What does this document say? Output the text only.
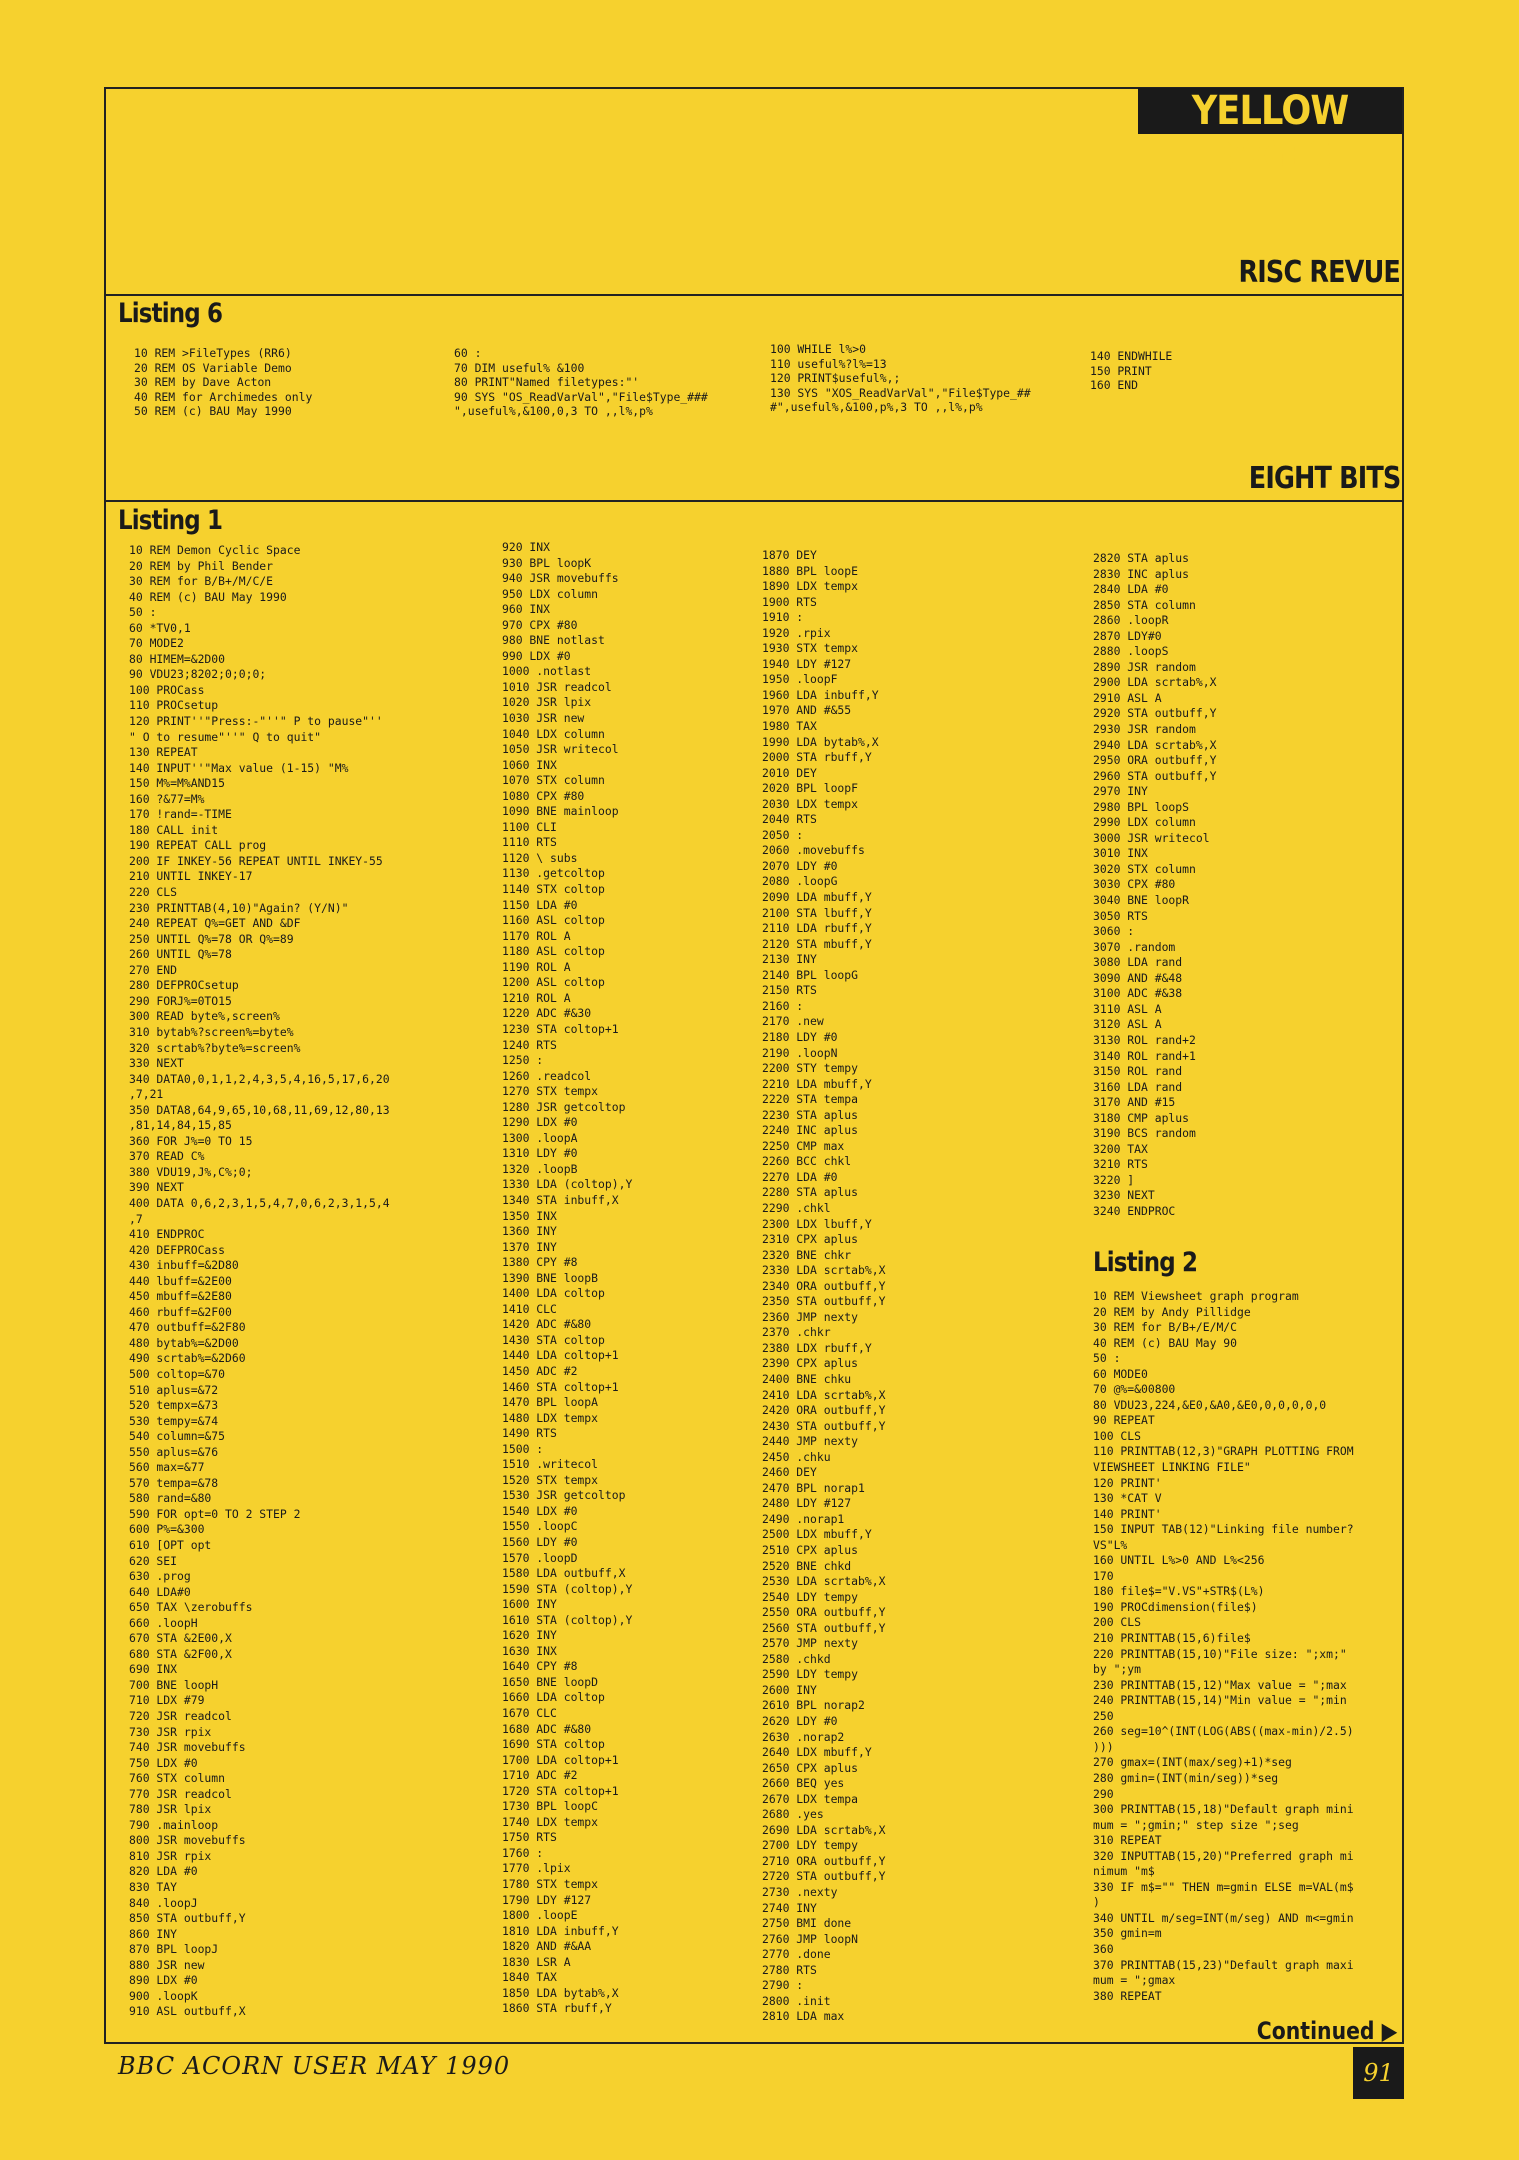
YELLOW PAGES
RISC REVUE
EIGHT BITS
Listing 6
10 REM >FileTypes (RR6)
20 REM OS Variable Demo
30 REM by Dave Acton
40 REM for Archimedes only
50 REM (c) BAU May 1990
60 :
70 DIM useful% &100
80 PRINT"Named filetypes:"'
90 SYS "OS_ReadVarVal","File$Type_###
",useful%,&100,0,3 TO ,,l%,p%
100 WHILE l%>0
110 useful%?l%=13
120 PRINT$useful%,;
130 SYS "XOS_ReadVarVal","File$Type_##
#",useful%,&100,p%,3 TO ,,l%,p%
140 ENDWHILE
150 PRINT
160 END
Listing 1
10 REM Demon Cyclic Space
20 REM by Phil Bender
30 REM for B/B+/M/C/E
40 REM (c) BAU May 1990
50 :
60 *TV0,1
70 MODE2
80 HIMEM=&2D00
90 VDU23;8202;0;0;0;
100 PROCass
110 PROCsetup
120 PRINT''"Press:-"''" P to pause"''
" O to resume"''" Q to quit"
130 REPEAT
140 INPUT''"Max value (1-15) "M%
150 M%=M%AND15
160 ?&77=M%
170 !rand=-TIME
180 CALL init
190 REPEAT CALL prog
200 IF INKEY-56 REPEAT UNTIL INKEY-55
210 UNTIL INKEY-17
220 CLS
230 PRINTTAB(4,10)"Again? (Y/N)"
240 REPEAT Q%=GET AND &DF
250 UNTIL Q%=78 OR Q%=89
260 UNTIL Q%=78
270 END
280 DEFPROCsetup
290 FORJ%=0TO15
300 READ byte%,screen%
310 bytab%?screen%=byte%
320 scrtab%?byte%=screen%
330 NEXT
340 DATA0,0,1,1,2,4,3,5,4,16,5,17,6,20
,7,21
350 DATA8,64,9,65,10,68,11,69,12,80,13
,81,14,84,15,85
360 FOR J%=0 TO 15
370 READ C%
380 VDU19,J%,C%;0;
390 NEXT
400 DATA 0,6,2,3,1,5,4,7,0,6,2,3,1,5,4
,7
410 ENDPROC
420 DEFPROCass
430 inbuff=&2D80
440 lbuff=&2E00
450 mbuff=&2E80
460 rbuff=&2F00
470 outbuff=&2F80
480 bytab%=&2D00
490 scrtab%=&2D60
500 coltop=&70
510 aplus=&72
520 tempx=&73
530 tempy=&74
540 column=&75
550 aplus=&76
560 max=&77
570 tempa=&78
580 rand=&80
590 FOR opt=0 TO 2 STEP 2
600 P%=&300
610 [OPT opt
620 SEI
630 .prog
640 LDA#0
650 TAX \zerobuffs
660 .loopH
670 STA &2E00,X
680 STA &2F00,X
690 INX
700 BNE loopH
710 LDX #79
720 JSR readcol
730 JSR rpix
740 JSR movebuffs
750 LDX #0
760 STX column
770 JSR readcol
780 JSR lpix
790 .mainloop
800 JSR movebuffs
810 JSR rpix
820 LDA #0
830 TAY
840 .loopJ
850 STA outbuff,Y
860 INY
870 BPL loopJ
880 JSR new
890 LDX #0
900 .loopK
910 ASL outbuff,X
920 INX
930 BPL loopK
940 JSR movebuffs
950 LDX column
960 INX
970 CPX #80
980 BNE notlast
990 LDX #0
1000 .notlast
1010 JSR readcol
1020 JSR lpix
1030 JSR new
1040 LDX column
1050 JSR writecol
1060 INX
1070 STX column
1080 CPX #80
1090 BNE mainloop
1100 CLI
1110 RTS
1120 \ subs
1130 .getcoltop
1140 STX coltop
1150 LDA #0
1160 ASL coltop
1170 ROL A
1180 ASL coltop
1190 ROL A
1200 ASL coltop
1210 ROL A
1220 ADC #&30
1230 STA coltop+1
1240 RTS
1250 :
1260 .readcol
1270 STX tempx
1280 JSR getcoltop
1290 LDX #0
1300 .loopA
1310 LDY #0
1320 .loopB
1330 LDA (coltop),Y
1340 STA inbuff,X
1350 INX
1360 INY
1370 INY
1380 CPY #8
1390 BNE loopB
1400 LDA coltop
1410 CLC
1420 ADC #&80
1430 STA coltop
1440 LDA coltop+1
1450 ADC #2
1460 STA coltop+1
1470 BPL loopA
1480 LDX tempx
1490 RTS
1500 :
1510 .writecol
1520 STX tempx
1530 JSR getcoltop
1540 LDX #0
1550 .loopC
1560 LDY #0
1570 .loopD
1580 LDA outbuff,X
1590 STA (coltop),Y
1600 INY
1610 STA (coltop),Y
1620 INY
1630 INX
1640 CPY #8
1650 BNE loopD
1660 LDA coltop
1670 CLC
1680 ADC #&80
1690 STA coltop
1700 LDA coltop+1
1710 ADC #2
1720 STA coltop+1
1730 BPL loopC
1740 LDX tempx
1750 RTS
1760 :
1770 .lpix
1780 STX tempx
1790 LDY #127
1800 .loopE
1810 LDA inbuff,Y
1820 AND #&AA
1830 LSR A
1840 TAX
1850 LDA bytab%,X
1860 STA rbuff,Y
1870 DEY
1880 BPL loopE
1890 LDX tempx
1900 RTS
1910 :
1920 .rpix
1930 STX tempx
1940 LDY #127
1950 .loopF
1960 LDA inbuff,Y
1970 AND #&55
1980 TAX
1990 LDA bytab%,X
2000 STA rbuff,Y
2010 DEY
2020 BPL loopF
2030 LDX tempx
2040 RTS
2050 :
2060 .movebuffs
2070 LDY #0
2080 .loopG
2090 LDA mbuff,Y
2100 STA lbuff,Y
2110 LDA rbuff,Y
2120 STA mbuff,Y
2130 INY
2140 BPL loopG
2150 RTS
2160 :
2170 .new
2180 LDY #0
2190 .loopN
2200 STY tempy
2210 LDA mbuff,Y
2220 STA tempa
2230 STA aplus
2240 INC aplus
2250 CMP max
2260 BCC chkl
2270 LDA #0
2280 STA aplus
2290 .chkl
2300 LDX lbuff,Y
2310 CPX aplus
2320 BNE chkr
2330 LDA scrtab%,X
2340 ORA outbuff,Y
2350 STA outbuff,Y
2360 JMP nexty
2370 .chkr
2380 LDX rbuff,Y
2390 CPX aplus
2400 BNE chku
2410 LDA scrtab%,X
2420 ORA outbuff,Y
2430 STA outbuff,Y
2440 JMP nexty
2450 .chku
2460 DEY
2470 BPL norap1
2480 LDY #127
2490 .norap1
2500 LDX mbuff,Y
2510 CPX aplus
2520 BNE chkd
2530 LDA scrtab%,X
2540 LDY tempy
2550 ORA outbuff,Y
2560 STA outbuff,Y
2570 JMP nexty
2580 .chkd
2590 LDY tempy
2600 INY
2610 BPL norap2
2620 LDY #0
2630 .norap2
2640 LDX mbuff,Y
2650 CPX aplus
2660 BEQ yes
2670 LDX tempa
2680 .yes
2690 LDA scrtab%,X
2700 LDY tempy
2710 ORA outbuff,Y
2720 STA outbuff,Y
2730 .nexty
2740 INY
2750 BMI done
2760 JMP loopN
2770 .done
2780 RTS
2790 :
2800 .init
2810 LDA max
2820 STA aplus
2830 INC aplus
2840 LDA #0
2850 STA column
2860 .loopR
2870 LDY#0
2880 .loopS
2890 JSR random
2900 LDA scrtab%,X
2910 ASL A
2920 STA outbuff,Y
2930 JSR random
2940 LDA scrtab%,X
2950 ORA outbuff,Y
2960 STA outbuff,Y
2970 INY
2980 BPL loopS
2990 LDX column
3000 JSR writecol
3010 INX
3020 STX column
3030 CPX #80
3040 BNE loopR
3050 RTS
3060 :
3070 .random
3080 LDA rand
3090 AND #&48
3100 ADC #&38
3110 ASL A
3120 ASL A
3130 ROL rand+2
3140 ROL rand+1
3150 ROL rand
3160 LDA rand
3170 AND #15
3180 CMP aplus
3190 BCS random
3200 TAX
3210 RTS
3220 ]
3230 NEXT
3240 ENDPROC
Listing 2
10 REM Viewsheet graph program
20 REM by Andy Pillidge
30 REM for B/B+/E/M/C
40 REM (c) BAU May 90
50 :
60 MODE0
70 @%=&00800
80 VDU23,224,&E0,&A0,&E0,0,0,0,0,0
90 REPEAT
100 CLS
110 PRINTTAB(12,3)"GRAPH PLOTTING FROM
VIEWSHEET LINKING FILE"
120 PRINT'
130 *CAT V
140 PRINT'
150 INPUT TAB(12)"Linking file number?
VS"L%
160 UNTIL L%>0 AND L%<256
170
180 file$="V.VS"+STR$(L%)
190 PROCdimension(file$)
200 CLS
210 PRINTTAB(15,6)file$
220 PRINTTAB(15,10)"File size: ";xm;"
by ";ym
230 PRINTTAB(15,12)"Max value = ";max
240 PRINTTAB(15,14)"Min value = ";min
250
260 seg=10^(INT(LOG(ABS((max-min)/2.5)
)))
270 gmax=(INT(max/seg)+1)*seg
280 gmin=(INT(min/seg))*seg
290
300 PRINTTAB(15,18)"Default graph mini
mum = ";gmin;" step size ";seg
310 REPEAT
320 INPUTTAB(15,20)"Preferred graph mi
nimum "m$
330 IF m$="" THEN m=gmin ELSE m=VAL(m$
)
340 UNTIL m/seg=INT(m/seg) AND m<=gmin
350 gmin=m
360
370 PRINTTAB(15,23)"Default graph maxi
mum = ";gmax
380 REPEAT
Continued ▶
BBC ACORN USER MAY 1990	91
